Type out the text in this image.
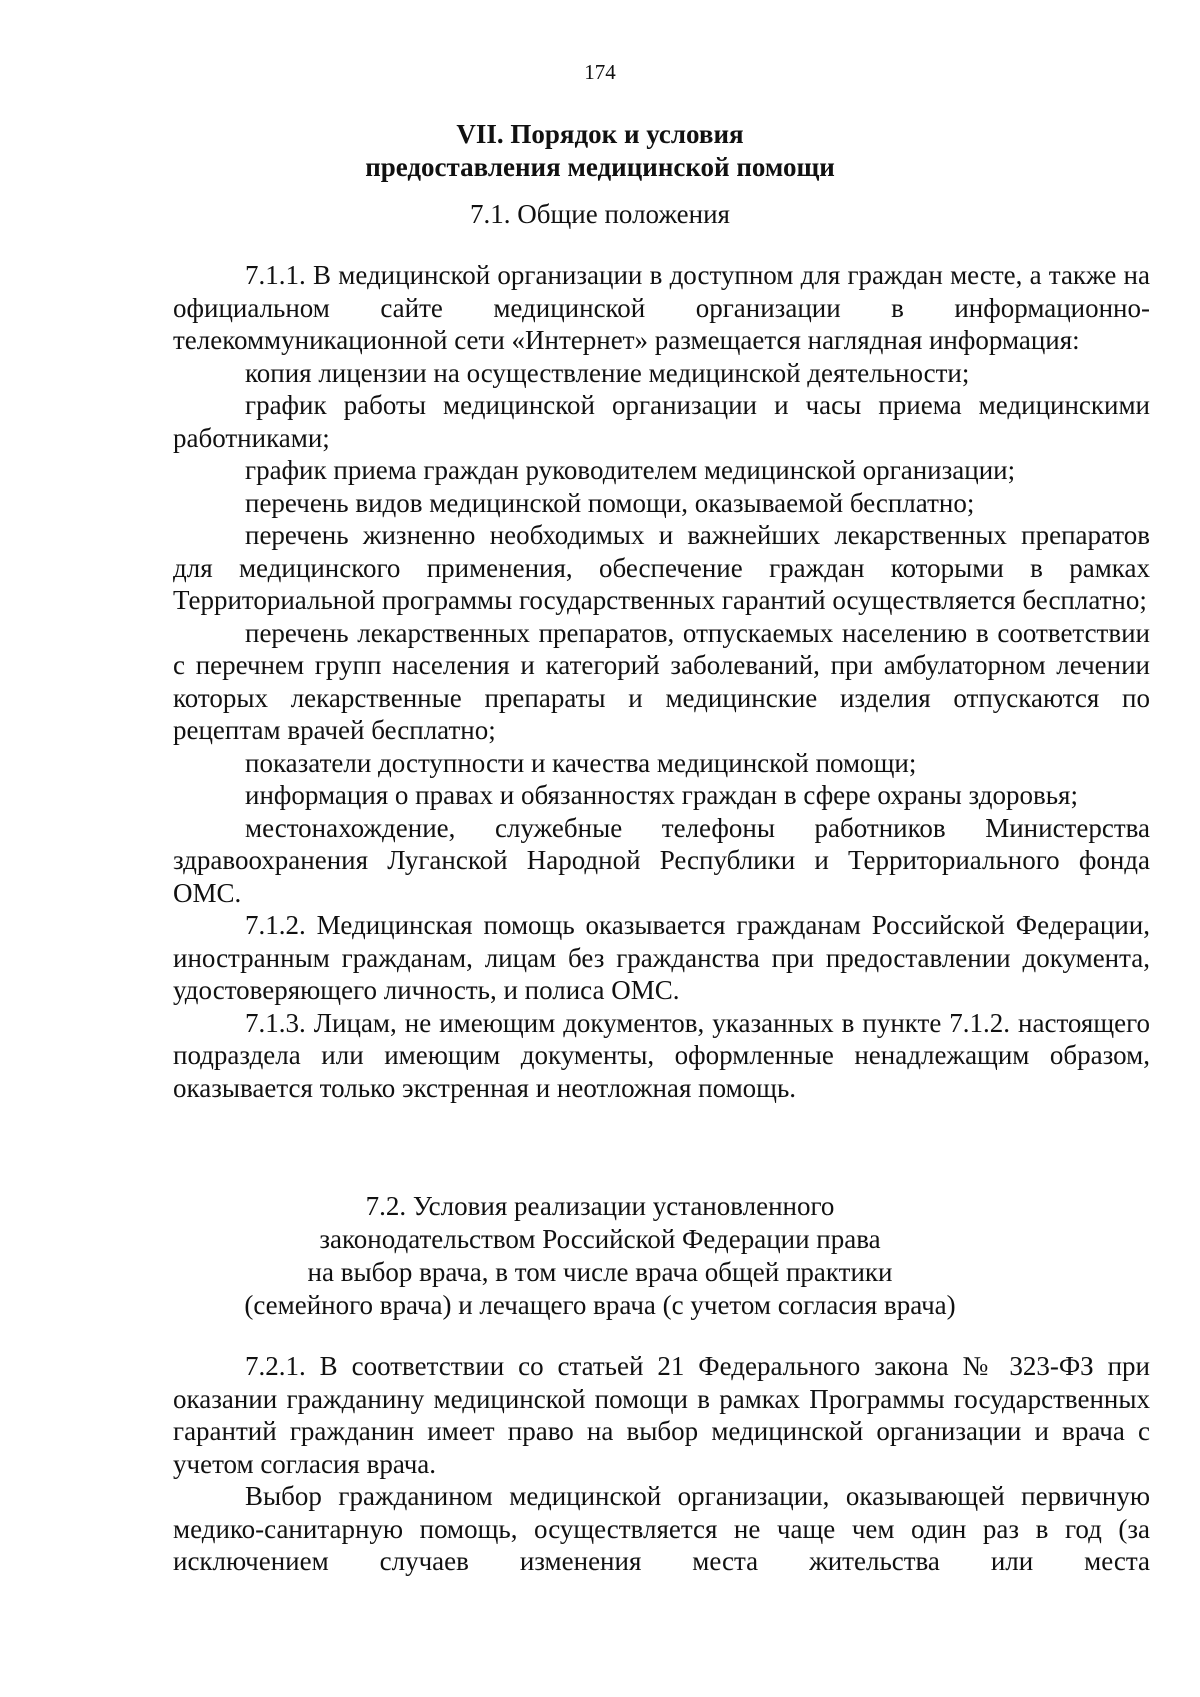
174
VII. Порядок и условия
предоставления медицинской помощи
7.1. Общие положения

7.1.1. В медицинской организации в доступном для граждан месте, а также на официальном сайте медицинской организации в информационно-телекоммуникационной сети «Интернет» размещается наглядная информация:

копия лицензии на осуществление медицинской деятельности;

график работы медицинской организации и часы приема медицинскими работниками;

график приема граждан руководителем медицинской организации;

перечень видов медицинской помощи, оказываемой бесплатно;

перечень жизненно необходимых и важнейших лекарственных препаратов для медицинского применения, обеспечение граждан которыми в рамках Территориальной программы государственных гарантий осуществляется бесплатно;

перечень лекарственных препаратов, отпускаемых населению в соответствии с перечнем групп населения и категорий заболеваний, при амбулаторном лечении которых лекарственные препараты и медицинские изделия отпускаются по рецептам врачей бесплатно;

показатели доступности и качества медицинской помощи;

информация о правах и обязанностях граждан в сфере охраны здоровья;

местонахождение, служебные телефоны работников Министерства здравоохранения Луганской Народной Республики и Территориального фонда ОМС.

7.1.2. Медицинская помощь оказывается гражданам Российской Федерации, иностранным гражданам, лицам без гражданства при предоставлении документа, удостоверяющего личность, и полиса ОМС.

7.1.3. Лицам, не имеющим документов, указанных в пункте 7.1.2. настоящего подраздела или имеющим документы, оформленные ненадлежащим образом, оказывается только экстренная и неотложная помощь.

7.2. Условия реализации установленного
законодательством Российской Федерации права
на выбор врача, в том числе врача общей практики
(семейного врача) и лечащего врача (с учетом согласия врача)

7.2.1. В соответствии со статьей 21 Федерального закона № 323-ФЗ при оказании гражданину медицинской помощи в рамках Программы государственных гарантий гражданин имеет право на выбор медицинской организации и врача с учетом согласия врача.

Выбор гражданином медицинской организации, оказывающей первичную медико-санитарную помощь, осуществляется не чаще чем один раз в год (за исключением случаев изменения места жительства или места
